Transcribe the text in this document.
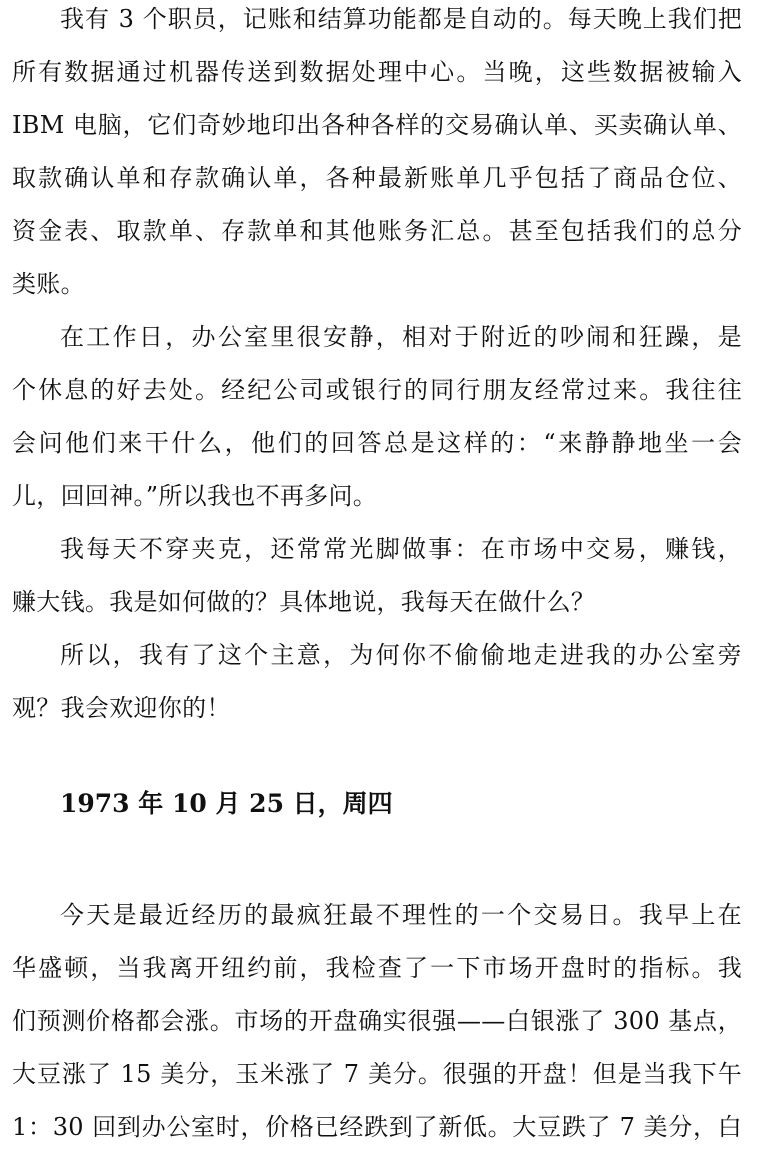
我有 3 个职员，记账和结算功能都是自动的。每天晚上我们把
所有数据通过机器传送到数据处理中心。当晚，这些数据被输入
IBM 电脑，它们奇妙地印出各种各样的交易确认单、买卖确认单、
取款确认单和存款确认单，各种最新账单几乎包括了商品仓位、
资金表、取款单、存款单和其他账务汇总。甚至包括我们的总分
类账。
在工作日，办公室里很安静，相对于附近的吵闹和狂躁，是
个休息的好去处。经纪公司或银行的同行朋友经常过来。我往往
会问他们来干什么，他们的回答总是这样的：“来静静地坐一会
儿，回回神。”所以我也不再多问。
我每天不穿夹克，还常常光脚做事：在市场中交易，赚钱，
赚大钱。我是如何做的？具体地说，我每天在做什么？
所以，我有了这个主意，为何你不偷偷地走进我的办公室旁
观？我会欢迎你的！
1973 年 10 月 25 日，周四
今天是最近经历的最疯狂最不理性的一个交易日。我早上在
华盛顿，当我离开纽约前，我检查了一下市场开盘时的指标。我
们预测价格都会涨。市场的开盘确实很强——白银涨了 300 基点，
大豆涨了 15 美分，玉米涨了 7 美分。很强的开盘！但是当我下午
1：30 回到办公室时，价格已经跌到了新低。大豆跌了 7 美分，白
